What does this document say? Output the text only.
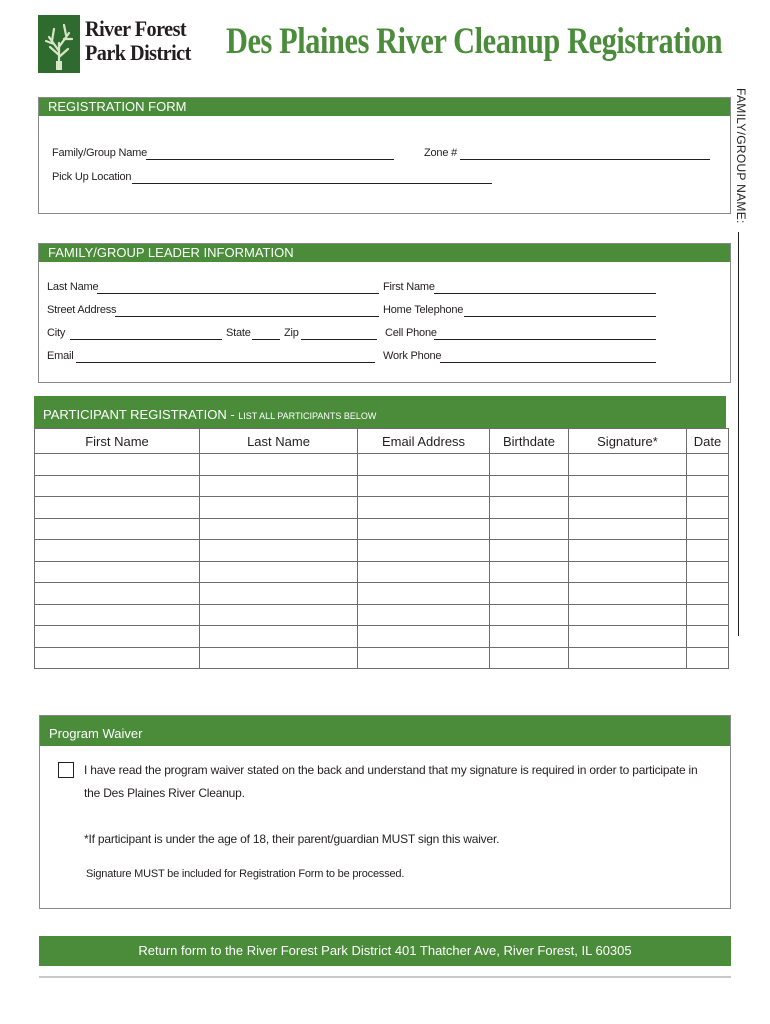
River Forest
Park District Des Plaines River Cleanup Registration
FAMILY/GROUP NAME:
REGISTRATION FORM
Family/Group Name	Zone #
Pick Up Location
FAMILY/GROUP LEADER INFORMATION
Last Name	First Name
Street Address	Home Telephone
City	State	Zip	Cell Phone
Email	Work Phone
PARTICIPANT REGISTRATION - LIST ALL PARTICIPANTS BELOW
First Name	Last Name	Email Address	Birthdate	Signature*	Date

Program Waiver
I have read the program waiver stated on the back and understand that my signature is required in order to participate in
the Des Plaines River Cleanup.
*If participant is under the age of 18, their parent/guardian MUST sign this waiver.
Signature MUST be included for Registration Form to be processed.
Return form to the River Forest Park District 401 Thatcher Ave, River Forest, IL 60305
